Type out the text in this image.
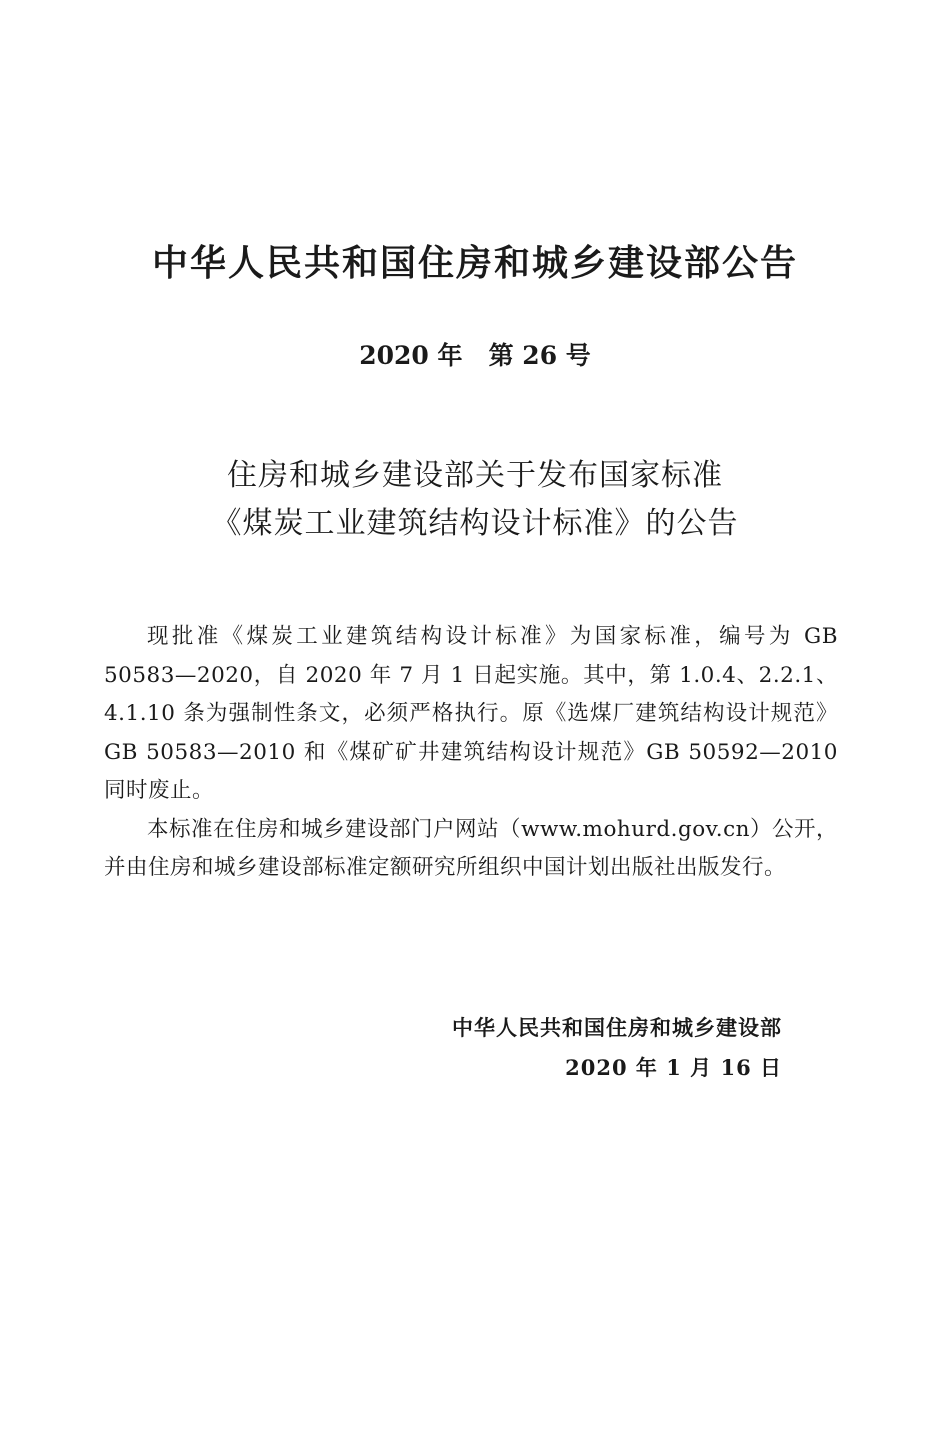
中华人民共和国住房和城乡建设部公告
2020 年   第 26 号
住房和城乡建设部关于发布国家标准
《煤炭工业建筑结构设计标准》的公告

现批准《煤炭工业建筑结构设计标准》为国家标准，编号为 GB 50583—2020，自 2020 年 7 月 1 日起实施。其中，第 1.0.4、2.2.1、4.1.10 条为强制性条文，必须严格执行。原《选煤厂建筑结构设计规范》GB 50583—2010 和《煤矿矿井建筑结构设计规范》GB 50592—2010 同时废止。

本标准在住房和城乡建设部门户网站（www.mohurd.gov.cn）公开，并由住房和城乡建设部标准定额研究所组织中国计划出版社出版发行。

中华人民共和国住房和城乡建设部
2020 年 1 月 16 日
